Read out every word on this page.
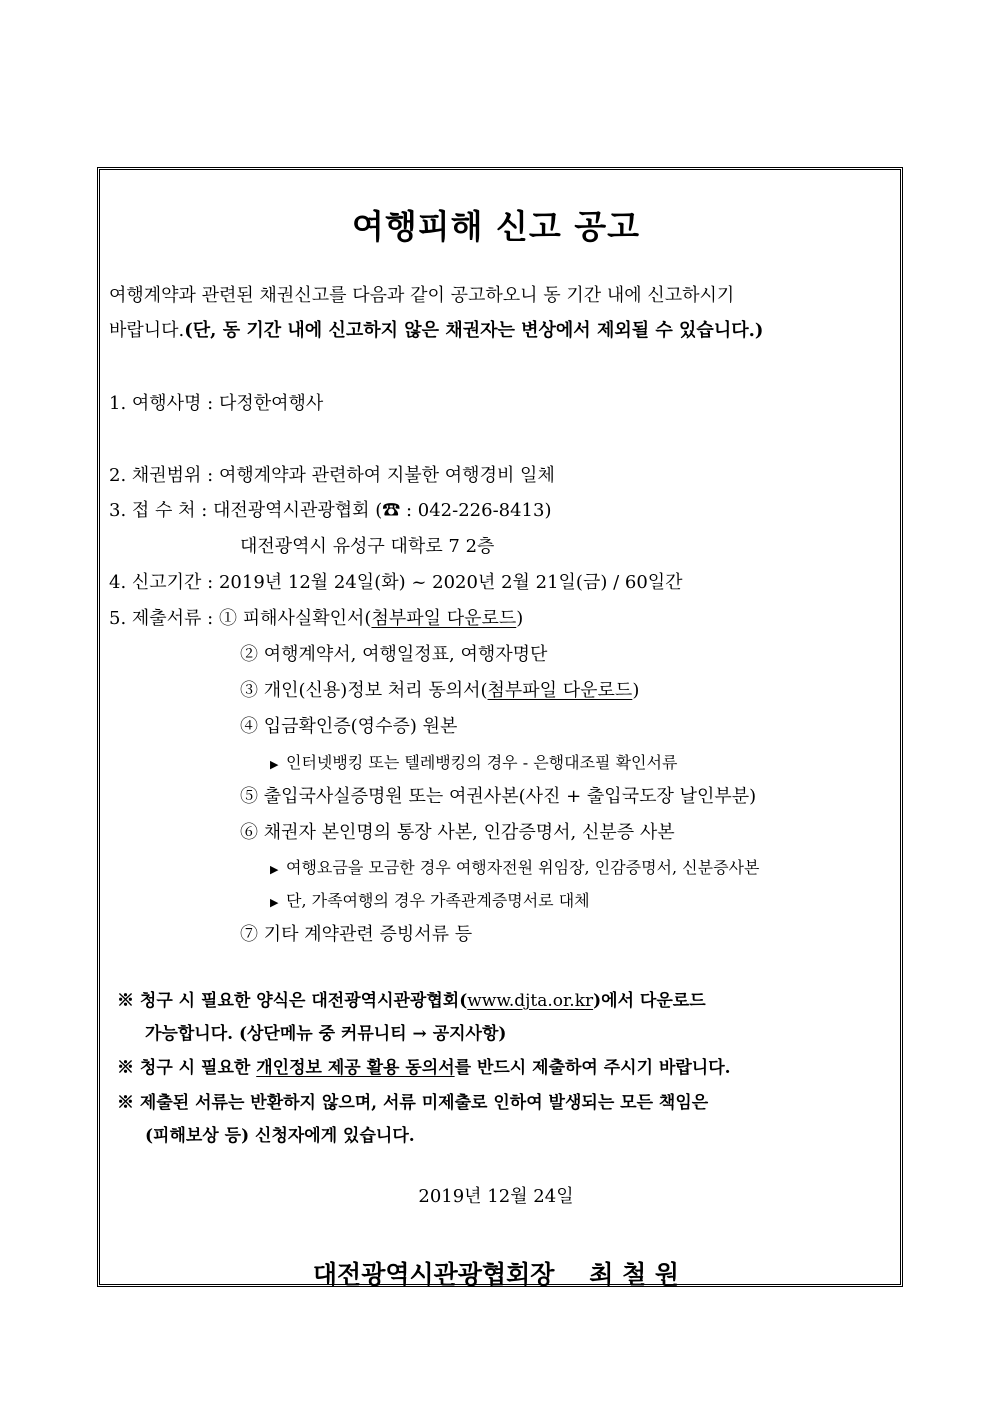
여행피해 신고 공고
여행계약과 관련된 채권신고를 다음과 같이 공고하오니 동 기간 내에 신고하시기
바랍니다.(단, 동 기간 내에 신고하지 않은 채권자는 변상에서 제외될 수 있습니다.)
1. 여행사명 : 다정한여행사
2. 채권범위 : 여행계약과 관련하여 지불한 여행경비 일체
3. 접 수 처 : 대전광역시관광협회 (☎ : 042-226-8413)
대전광역시 유성구 대학로 7 2층
4. 신고기간 : 2019년 12월 24일(화) ~ 2020년 2월 21일(금) / 60일간
5. 제출서류 : ① 피해사실확인서(첨부파일 다운로드)
② 여행계약서, 여행일정표, 여행자명단
③ 개인(신용)정보 처리 동의서(첨부파일 다운로드)
④ 입금확인증(영수증) 원본
▶ 인터넷뱅킹 또는 텔레뱅킹의 경우 - 은행대조필 확인서류
⑤ 출입국사실증명원 또는 여권사본(사진 + 출입국도장 날인부분)
⑥ 채권자 본인명의 통장 사본, 인감증명서, 신분증 사본
▶ 여행요금을 모금한 경우 여행자전원 위임장, 인감증명서, 신분증사본
▶ 단, 가족여행의 경우 가족관계증명서로 대체
⑦ 기타 계약관련 증빙서류 등
※ 청구 시 필요한 양식은 대전광역시관광협회(www.djta.or.kr)에서 다운로드
가능합니다. (상단메뉴 중 커뮤니티 → 공지사항)
※ 청구 시 필요한 개인정보 제공 활용 동의서를 반드시 제출하여 주시기 바랍니다.
※ 제출된 서류는 반환하지 않으며, 서류 미제출로 인하여 발생되는 모든 책임은
(피해보상 등) 신청자에게 있습니다.
2019년 12월 24일
대전광역시관광협회장    최 철 원
